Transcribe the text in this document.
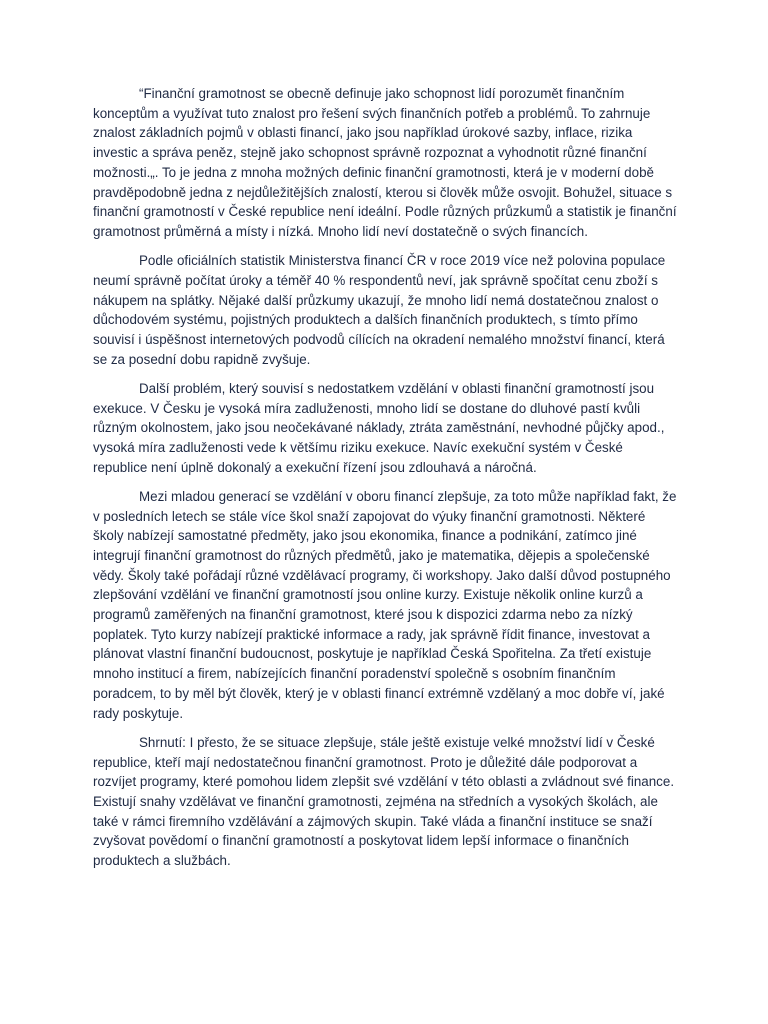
“Finanční gramotnost se obecně definuje jako schopnost lidí porozumět finančním konceptům a využívat tuto znalost pro řešení svých finančních potřeb a problémů. To zahrnuje znalost základních pojmů v oblasti financí, jako jsou například úrokové sazby, inflace, rizika investic a správa peněz, stejně jako schopnost správně rozpoznat a vyhodnotit různé finanční možnosti.„. To je jedna z mnoha možných definic finanční gramotnosti, která je v moderní době pravděpodobně jedna z nejdůležitějších znalostí, kterou si člověk může osvojit. Bohužel, situace s finanční gramotností v České republice není ideální. Podle různých průzkumů a statistik je finanční gramotnost průměrná a místy i nízká. Mnoho lidí neví dostatečně o svých financích.

Podle oficiálních statistik Ministerstva financí ČR v roce 2019 více než polovina populace neumí správně počítat úroky a téměř 40 % respondentů neví, jak správně spočítat cenu zboží s nákupem na splátky. Nějaké další průzkumy ukazují, že mnoho lidí nemá dostatečnou znalost o důchodovém systému, pojistných produktech a dalších finančních produktech, s tímto přímo souvisí i úspěšnost internetových podvodů cílících na okradení nemalého množství financí, která se za posední dobu rapidně zvyšuje.

Další problém, který souvisí s nedostatkem vzdělání v oblasti finanční gramotností jsou exekuce. V Česku je vysoká míra zadluženosti, mnoho lidí se dostane do dluhové pastí kvůli různým okolnostem, jako jsou neočekávané náklady, ztráta zaměstnání, nevhodné půjčky apod., vysoká míra zadluženosti vede k většímu riziku exekuce. Navíc exekuční systém v České republice není úplně dokonalý a exekuční řízení jsou zdlouhavá a náročná.

Mezi mladou generací se vzdělání v oboru financí zlepšuje, za toto může například fakt, že v posledních letech se stále více škol snaží zapojovat do výuky finanční gramotnosti. Některé školy nabízejí samostatné předměty, jako jsou ekonomika, finance a podnikání, zatímco jiné integrují finanční gramotnost do různých předmětů, jako je matematika, dějepis a společenské vědy. Školy také pořádají různé vzdělávací programy, či workshopy. Jako další důvod postupného zlepšování vzdělání ve finanční gramotností jsou online kurzy. Existuje několik online kurzů a programů zaměřených na finanční gramotnost, které jsou k dispozici zdarma nebo za nízký poplatek. Tyto kurzy nabízejí praktické informace a rady, jak správně řídit finance, investovat a plánovat vlastní finanční budoucnost, poskytuje je například Česká Spořitelna. Za třetí existuje mnoho institucí a firem, nabízejících finanční poradenství společně s osobním finančním poradcem, to by měl být člověk, který je v oblasti financí extrémně vzdělaný a moc dobře ví, jaké rady poskytuje.

Shrnutí: I přesto, že se situace zlepšuje, stále ještě existuje velké množství lidí v České republice, kteří mají nedostatečnou finanční gramotnost. Proto je důležité dále podporovat a rozvíjet programy, které pomohou lidem zlepšit své vzdělání v této oblasti a zvládnout své finance. Existují snahy vzdělávat ve finanční gramotnosti, zejména na středních a vysokých školách, ale také v rámci firemního vzdělávání a zájmových skupin. Také vláda a finanční instituce se snaží zvyšovat povědomí o finanční gramotností a poskytovat lidem lepší informace o finančních produktech a službách.
